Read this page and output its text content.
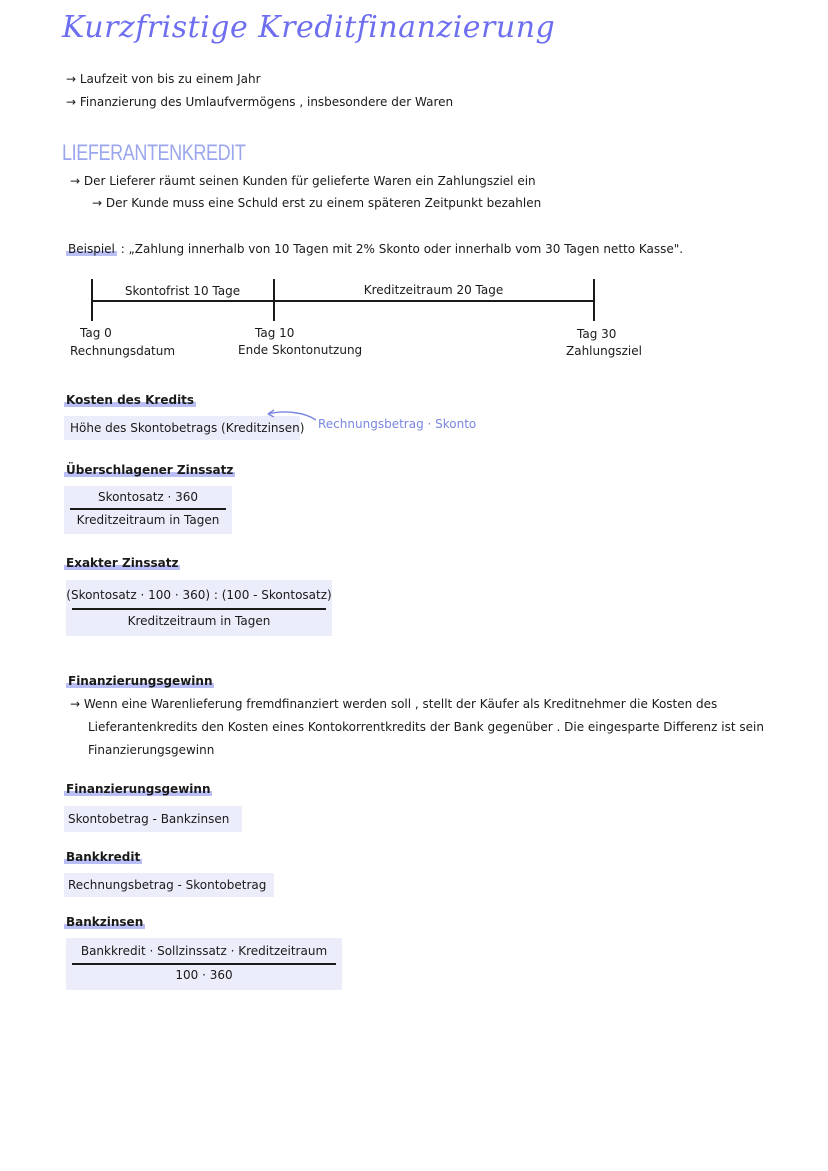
Kurzfristige Kreditfinanzierung
→ Laufzeit von bis zu einem Jahr
→ Finanzierung des Umlaufvermögens , insbesondere der Waren
LIEFERANTENKREDIT
→ Der Lieferer räumt seinen Kunden für gelieferte Waren ein Zahlungsziel ein
→ Der Kunde muss eine Schuld erst zu einem späteren Zeitpunkt bezahlen
Beispiel : „Zahlung innerhalb von 10 Tagen mit 2% Skonto oder innerhalb vom 30 Tagen netto Kasse".
Skontofrist 10 Tage	Kreditzeitraum 20 Tage
Tag 0
Rechnungsdatum
Tag 10
Ende Skontonutzung
Tag 30
Zahlungsziel
Kosten des Kredits
Höhe des Skontobetrags (Kreditzinsen) Rechnungsbetrag · Skonto
Überschlagener Zinssatz
Skontosatz · 360
Kreditzeitraum in Tagen
Exakter Zinssatz
(Skontosatz · 100 · 360) : (100 - Skontosatz)
Kreditzeitraum in Tagen
Finanzierungsgewinn
→ Wenn eine Warenlieferung fremdfinanziert werden soll , stellt der Käufer als Kreditnehmer die Kosten des
Lieferantenkredits den Kosten eines Kontokorrentkredits der Bank gegenüber . Die eingesparte Differenz ist sein
Finanzierungsgewinn
Finanzierungsgewinn
Skontobetrag - Bankzinsen
Bankkredit
Rechnungsbetrag - Skontobetrag
Bankzinsen
Bankkredit · Sollzinssatz · Kreditzeitraum
100 · 360
